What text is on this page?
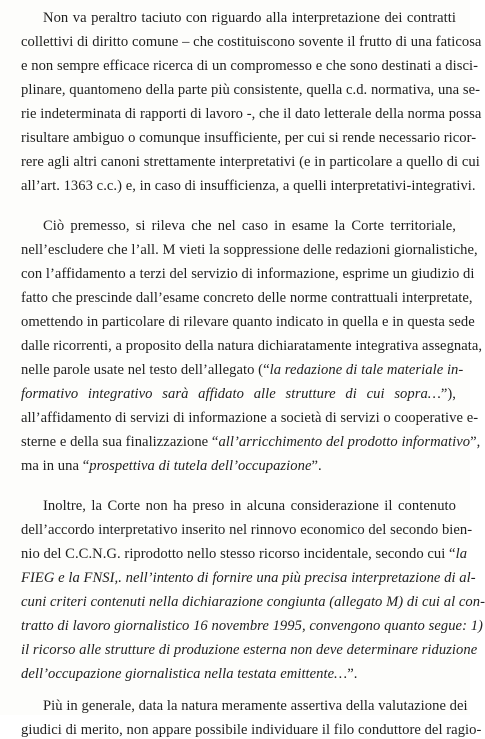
Non va peraltro taciuto con riguardo alla interpretazione dei contratti
collettivi di diritto comune – che costituiscono sovente il frutto di una faticosa
e non sempre efficace ricerca di un compromesso e che sono destinati a disci-
plinare, quantomeno della parte più consistente, quella c.d. normativa, una se-
rie indeterminata di rapporti di lavoro -, che il dato letterale della norma possa
risultare ambiguo o comunque insufficiente, per cui si rende necessario ricor-
rere agli altri canoni strettamente interpretativi (e in particolare a quello di cui
all’art. 1363 c.c.) e, in caso di insufficienza, a quelli interpretativi-integrativi.
Ciò premesso, si rileva che nel caso in esame la Corte territoriale,
nell’escludere che l’all. M vieti la soppressione delle redazioni giornalistiche,
con l’affidamento a terzi del servizio di informazione, esprime un giudizio di
fatto che prescinde dall’esame concreto delle norme contrattuali interpretate,
omettendo in particolare di rilevare quanto indicato in quella e in questa sede
dalle ricorrenti, a proposito della natura dichiaratamente integrativa assegnata,
nelle parole usate nel testo dell’allegato (“la redazione di tale materiale in-
formativo integrativo sarà affidato alle strutture di cui sopra…”),
all’affidamento di servizi di informazione a società di servizi o cooperative e-
sterne e della sua finalizzazione “all’arricchimento del prodotto informativo”,
ma in una “prospettiva di tutela dell’occupazione”.
Inoltre, la Corte non ha preso in alcuna considerazione il contenuto
dell’accordo interpretativo inserito nel rinnovo economico del secondo bien-
nio del C.C.N.G. riprodotto nello stesso ricorso incidentale, secondo cui “la
FIEG e la FNSI,. nell’intento di fornire una più precisa interpretazione di al-
cuni criteri contenuti nella dichiarazione congiunta (allegato M) di cui al con-
tratto di lavoro giornalistico 16 novembre 1995, convengono quanto segue: 1)
il ricorso alle strutture di produzione esterna non deve determinare riduzione
dell’occupazione giornalistica nella testata emittente…”.
Più in generale, data la natura meramente assertiva della valutazione dei
giudici di merito, non appare possibile individuare il filo conduttore del ragio-
